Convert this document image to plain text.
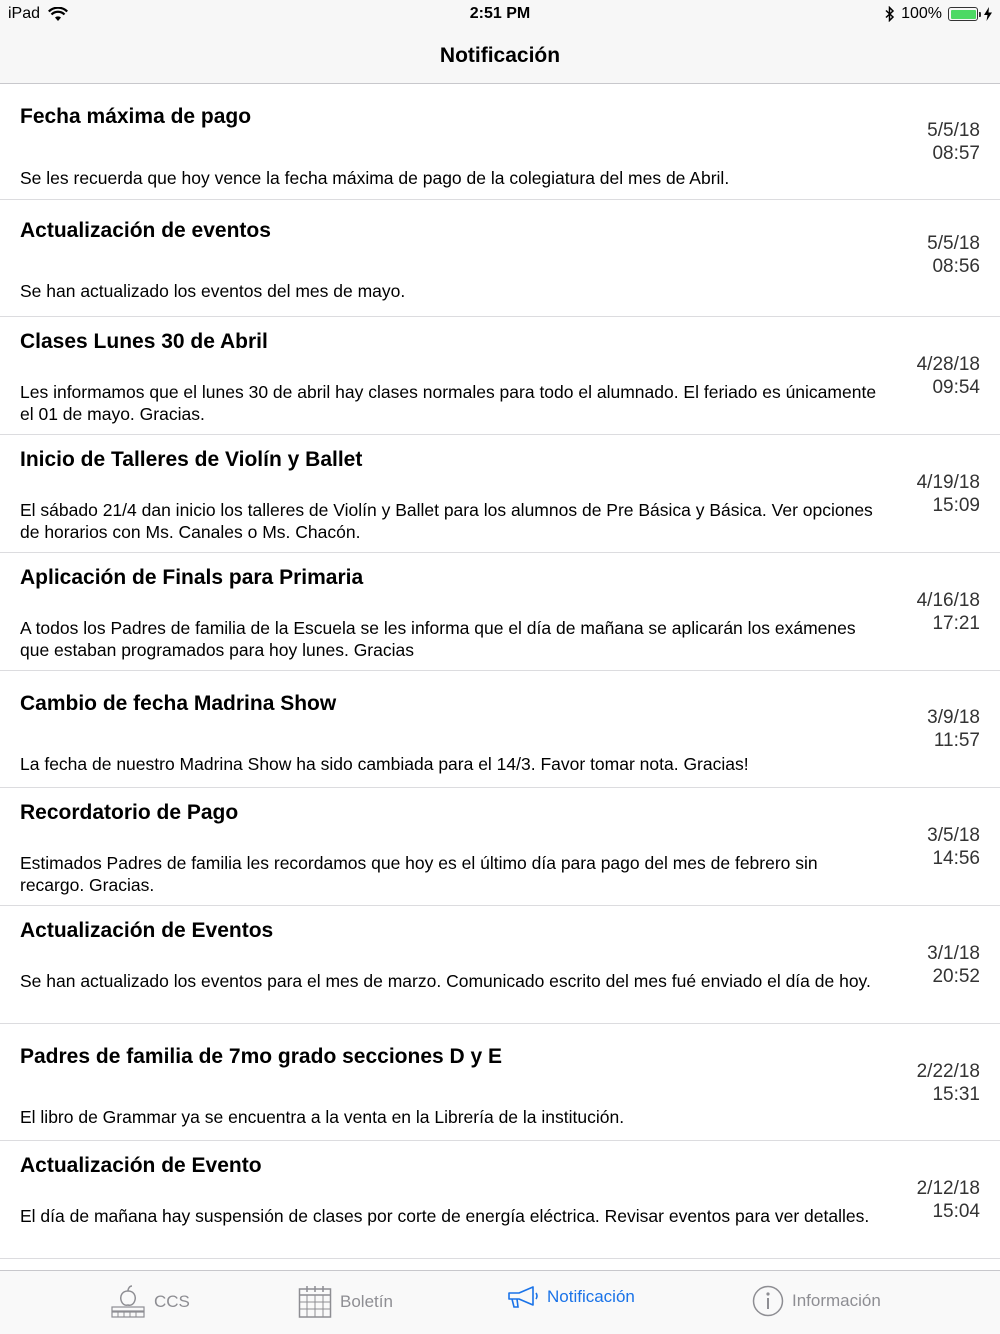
iPad	2:51 PM	100%
Notificación
Fecha máxima de pago
Se les recuerda que hoy vence la fecha máxima de pago de la colegiatura del mes de Abril.
5/5/18
08:57
Actualización de eventos
Se han actualizado los eventos del mes de mayo.
5/5/18
08:56
Clases Lunes 30 de Abril
Les informamos que el lunes 30 de abril hay clases normales para todo el alumnado. El feriado es únicamente el 01 de mayo. Gracias.
4/28/18
09:54
Inicio de Talleres de Violín y Ballet
El sábado 21/4 dan inicio los talleres de Violín y Ballet para los alumnos de Pre Básica y Básica. Ver opciones de horarios con Ms. Canales o Ms. Chacón.
4/19/18
15:09
Aplicación de Finals para Primaria
A todos los Padres de familia de la Escuela se les informa que el día de mañana se aplicarán los exámenes que estaban programados para hoy lunes. Gracias
4/16/18
17:21
Cambio de fecha Madrina Show
La fecha de nuestro Madrina Show ha sido cambiada para el 14/3. Favor tomar nota. Gracias!
3/9/18
11:57
Recordatorio de Pago
Estimados Padres de familia les recordamos que hoy es el último día para pago del mes de febrero sin recargo. Gracias.
3/5/18
14:56
Actualización de Eventos
Se han actualizado los eventos para el mes de marzo. Comunicado escrito del mes fué enviado el día de hoy.
3/1/18
20:52
Padres de familia de 7mo grado secciones D y E
El libro de Grammar ya se encuentra a la venta en la Librería de la institución.
2/22/18
15:31
Actualización de Evento
El día de mañana hay suspensión de clases por corte de energía eléctrica. Revisar eventos para ver detalles.
2/12/18
15:04
CCS	Boletín	Notificación	Información
